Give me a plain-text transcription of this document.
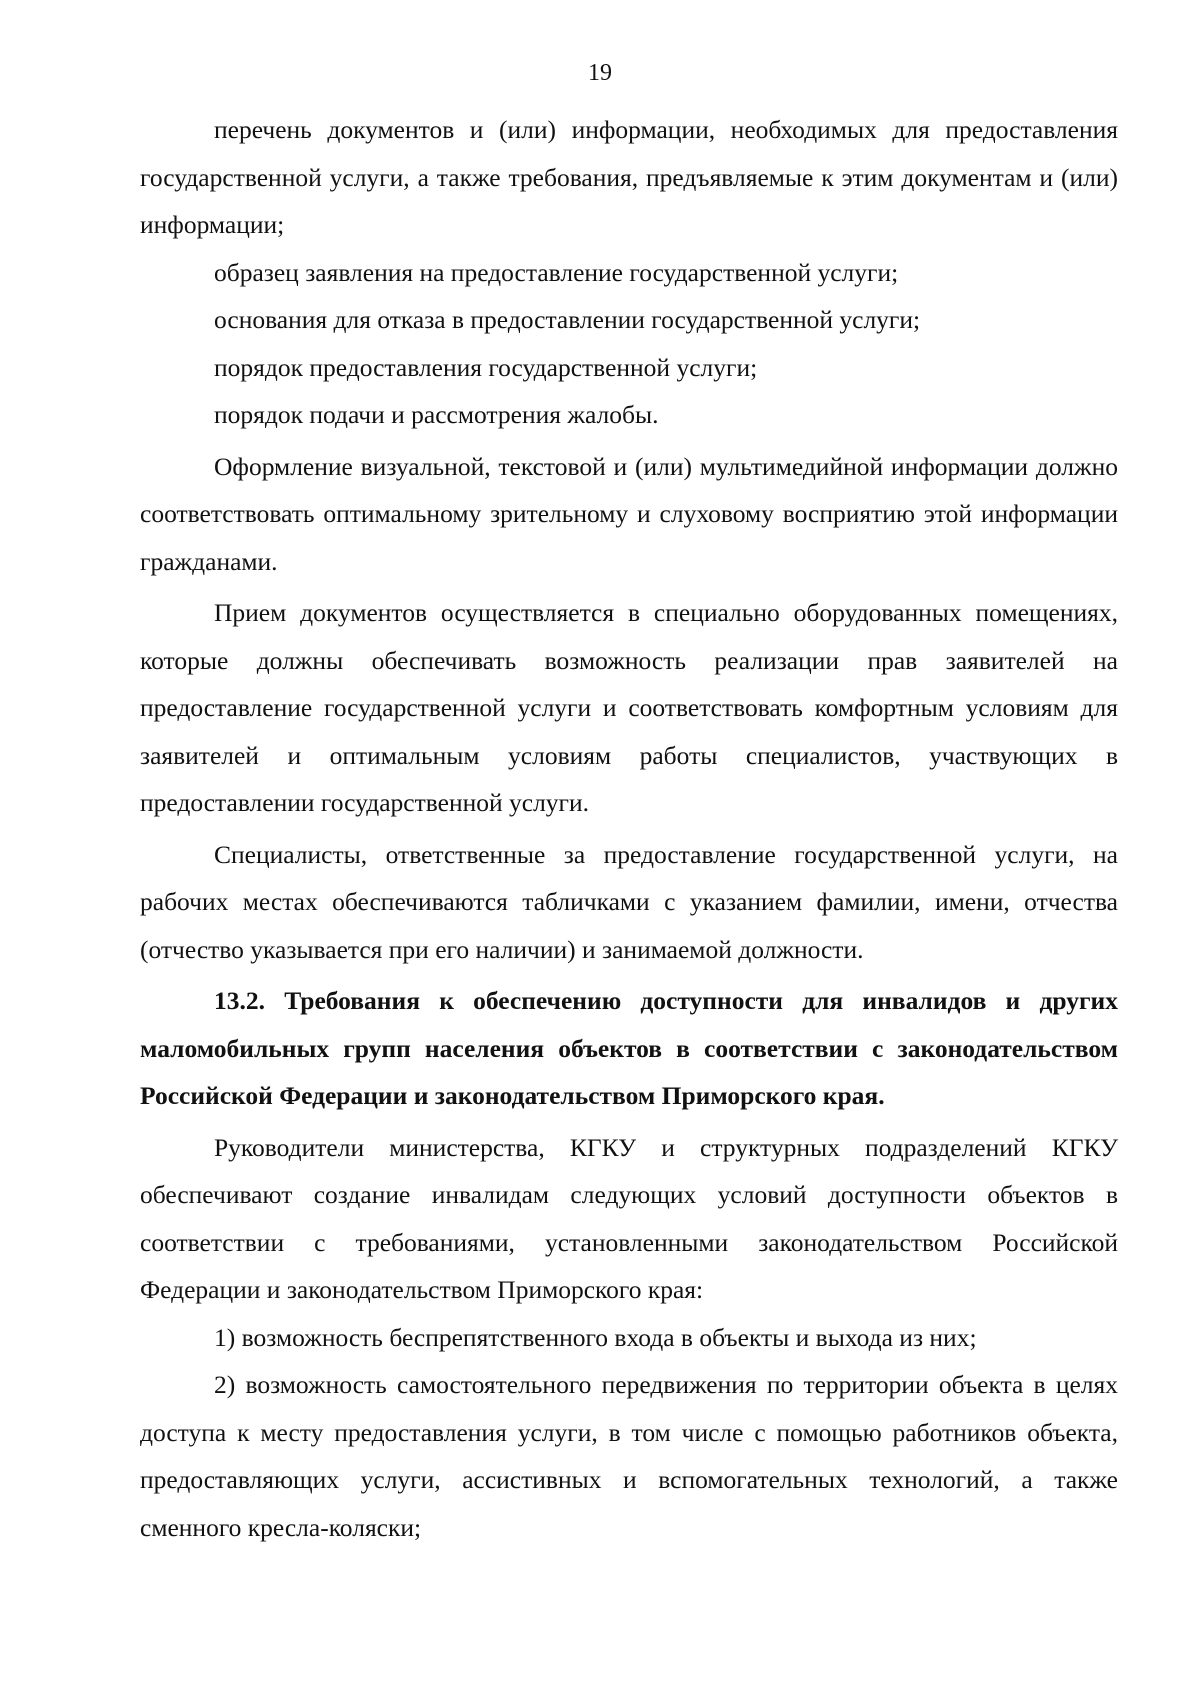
19

перечень документов и (или) информации, необходимых для предоставления государственной услуги, а также требования, предъявляемые к этим документам и (или) информации;

образец заявления на предоставление государственной услуги;

основания для отказа в предоставлении государственной услуги;

порядок предоставления государственной услуги;

порядок подачи и рассмотрения жалобы.

Оформление визуальной, текстовой и (или) мультимедийной информации должно соответствовать оптимальному зрительному и слуховому восприятию этой информации гражданами.

Прием документов осуществляется в специально оборудованных помещениях, которые должны обеспечивать возможность реализации прав заявителей на предоставление государственной услуги и соответствовать комфортным условиям для заявителей и оптимальным условиям работы специалистов, участвующих в предоставлении государственной услуги.

Специалисты, ответственные за предоставление государственной услуги, на рабочих местах обеспечиваются табличками с указанием фамилии, имени, отчества (отчество указывается при его наличии) и занимаемой должности.

13.2. Требования к обеспечению доступности для инвалидов и других маломобильных групп населения объектов в соответствии с законодательством Российской Федерации и законодательством Приморского края.

Руководители министерства, КГКУ и структурных подразделений КГКУ обеспечивают создание инвалидам следующих условий доступности объектов в соответствии с требованиями, установленными законодательством Российской Федерации и законодательством Приморского края:

1) возможность беспрепятственного входа в объекты и выхода из них;

2) возможность самостоятельного передвижения по территории объекта в целях доступа к месту предоставления услуги, в том числе с помощью работников объекта, предоставляющих услуги, ассистивных и вспомогательных технологий, а также сменного кресла-коляски;
